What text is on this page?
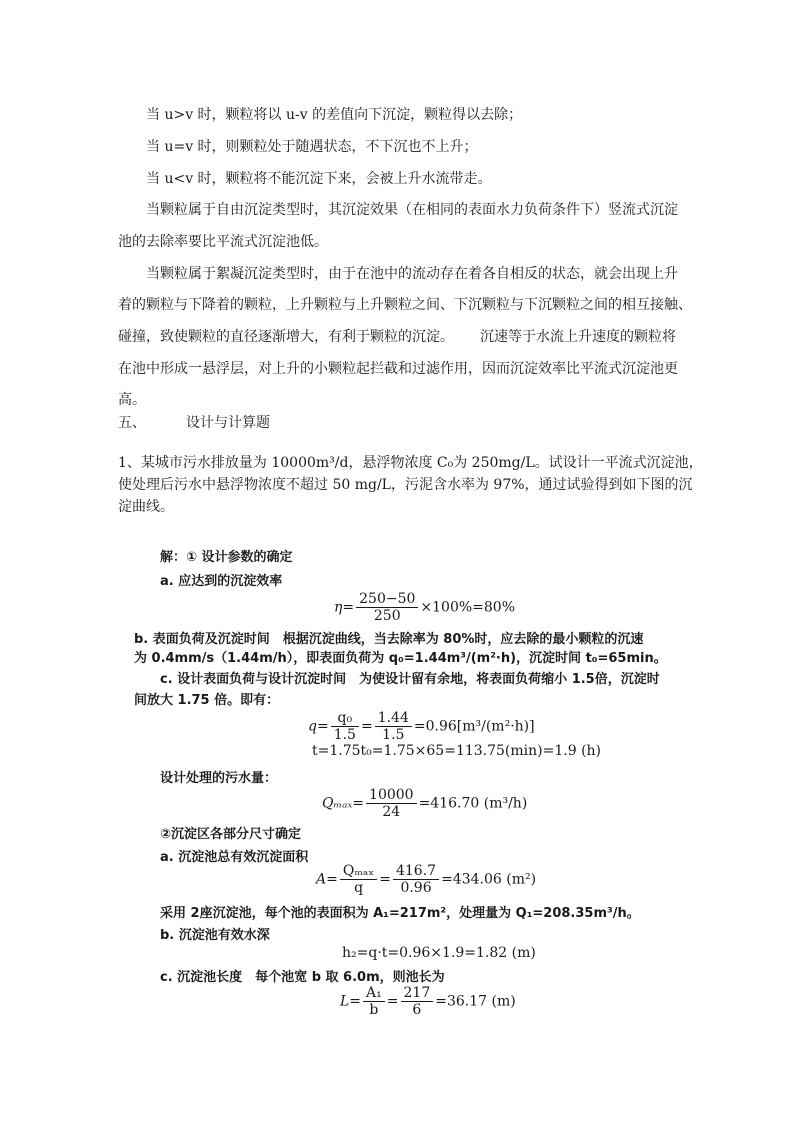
当 u>v 时，颗粒将以 u-v 的差值向下沉淀，颗粒得以去除；
当 u=v 时，则颗粒处于随遇状态，不下沉也不上升；
当 u<v 时，颗粒将不能沉淀下来，会被上升水流带走。
当颗粒属于自由沉淀类型时，其沉淀效果（在相同的表面水力负荷条件下）竖流式沉淀
池的去除率要比平流式沉淀池低。
当颗粒属于絮凝沉淀类型时，由于在池中的流动存在着各自相反的状态，就会出现上升
着的颗粒与下降着的颗粒，上升颗粒与上升颗粒之间、下沉颗粒与下沉颗粒之间的相互接触、
碰撞，致使颗粒的直径逐渐增大，有利于颗粒的沉淀。 沉速等于水流上升速度的颗粒将
在池中形成一悬浮层，对上升的小颗粒起拦截和过滤作用，因而沉淀效率比平流式沉淀池更
高。
五、	设计与计算题
1、某城市污水排放量为 10000m³/d，悬浮物浓度 C₀为 250mg/L。试设计一平流式沉淀池，
使处理后污水中悬浮物浓度不超过 50 mg/L，污泥含水率为 97%，通过试验得到如下图的沉
淀曲线。
解：① 设计参数的确定
a. 应达到的沉淀效率
$\eta= \frac{250-50}{250} \times 100\%=80\%$
b. 表面负荷及沉淀时间　根据沉淀曲线，当去除率为 80%时，应去除的最小颗粒的沉速
为 0.4mm/s（1.44m/h），即表面负荷为 q₀=1.44m³/(m²·h)，沉淀时间 t₀=65min。
c. 设计表面负荷与设计沉淀时间　为使设计留有余地，将表面负荷缩小 1.5倍，沉淀时
间放大 1.75 倍。即有：
$q= \frac{\text{q₀}}{1.5} = \frac{1.44}{1.5} =0.96[m^3/(m^2\cdot h)]$
t=1.75t₀=1.75×65=113.75(min)=1.9 (h)
设计处理的污水量：
$Q_{max}= \frac{10000}{24} =416.70$ (m³/h)
②沉淀区各部分尺寸确定
a. 沉淀池总有效沉淀面积
$A= \frac{\text{Qₘₐₓ}}{q} = \frac{416.7}{0.96} =434.06$ (m²)
采用 2座沉淀池，每个池的表面积为 A₁=217m²，处理量为 Q₁=208.35m³/h。
b. 沉淀池有效水深
h₂=q·t=0.96×1.9=1.82 (m)
c. 沉淀池长度　每个池宽 b 取 6.0m，则池长为
$L= \frac{\text{A₁}}{b} = \frac{217}{6} =36.17$ (m)
